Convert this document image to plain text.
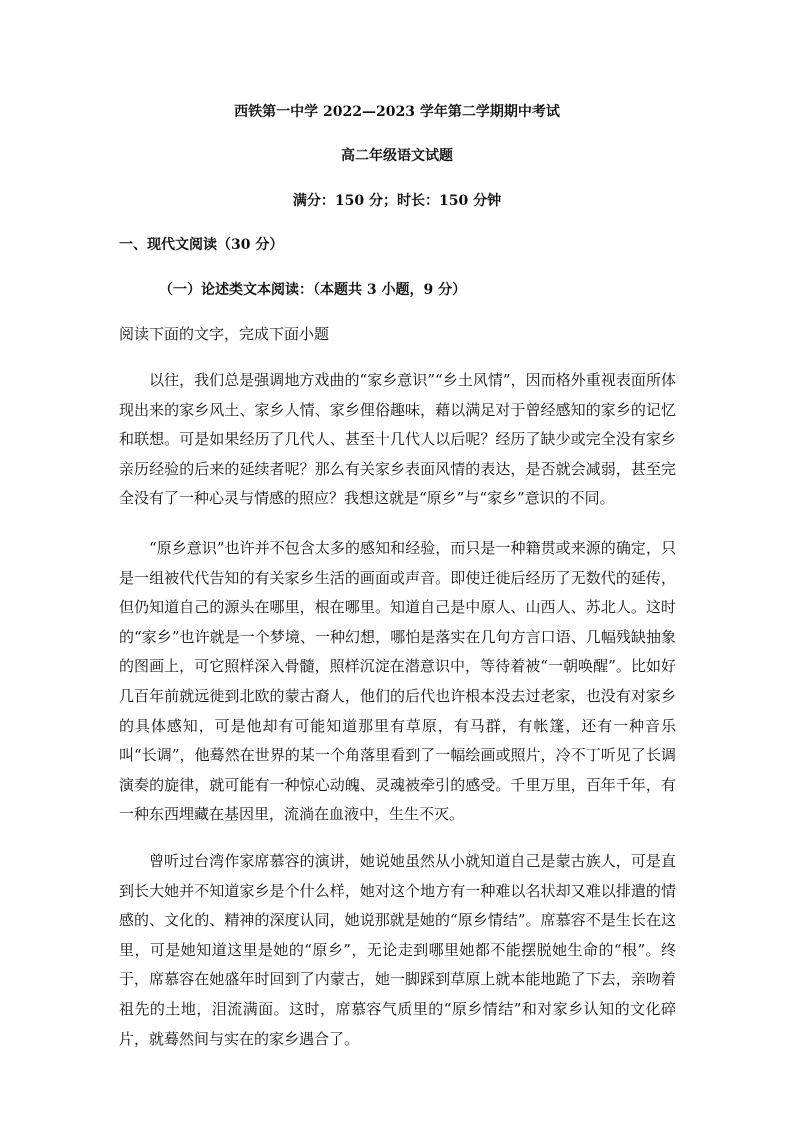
西铁第一中学 2022—2023 学年第二学期期中考试
高二年级语文试题
满分：150 分；时长：150 分钟
一、现代文阅读（30 分）
（一）论述类文本阅读：（本题共 3 小题，9 分）
阅读下面的文字，完成下面小题

以往，我们总是强调地方戏曲的“家乡意识”“乡土风情”，因而格外重视表面所体现出来的家乡风土、家乡人情、家乡俚俗趣味，藉以满足对于曾经感知的家乡的记忆和联想。可是如果经历了几代人、甚至十几代人以后呢？经历了缺少或完全没有家乡亲历经验的后来的延续者呢？那么有关家乡表面风情的表达，是否就会减弱，甚至完全没有了一种心灵与情感的照应？我想这就是“原乡”与“家乡”意识的不同。

“原乡意识”也许并不包含太多的感知和经验，而只是一种籍贯或来源的确定，只是一组被代代告知的有关家乡生活的画面或声音。即使迁徙后经历了无数代的延传，但仍知道自己的源头在哪里，根在哪里。知道自己是中原人、山西人、苏北人。这时的“家乡”也许就是一个梦境、一种幻想，哪怕是落实在几句方言口语、几幅残缺抽象的图画上，可它照样深入骨髓，照样沉淀在潜意识中，等待着被“一朝唤醒”。比如好几百年前就远徙到北欧的蒙古裔人，他们的后代也许根本没去过老家，也没有对家乡的具体感知，可是他却有可能知道那里有草原，有马群，有帐篷，还有一种音乐叫“长调”，他蓦然在世界的某一个角落里看到了一幅绘画或照片，冷不丁听见了长调演奏的旋律，就可能有一种惊心动魄、灵魂被牵引的感受。千里万里，百年千年，有一种东西埋藏在基因里，流淌在血液中，生生不灭。

曾听过台湾作家席慕容的演讲，她说她虽然从小就知道自己是蒙古族人，可是直到长大她并不知道家乡是个什么样，她对这个地方有一种难以名状却又难以排遣的情感的、文化的、精神的深度认同，她说那就是她的“原乡情结”。席慕容不是生长在这里，可是她知道这里是她的“原乡”，无论走到哪里她都不能摆脱她生命的“根”。终于，席慕容在她盛年时回到了内蒙古，她一脚踩到草原上就本能地跪了下去，亲吻着祖先的土地，泪流满面。这时，席慕容气质里的“原乡情结”和对家乡认知的文化碎片，就蓦然间与实在的家乡遇合了。
